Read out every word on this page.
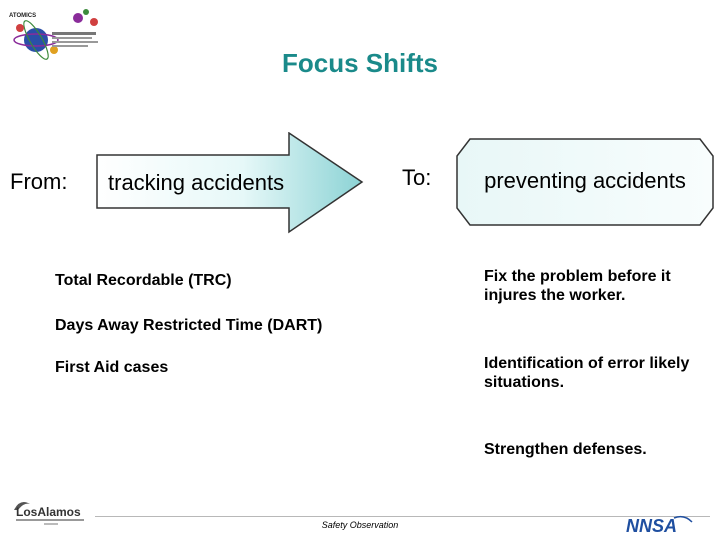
ATOMICS
Focus Shifts
From: tracking accidents	To:	preventing accidents
Total Recordable (TRC)
Days Away Restricted Time (DART)
First Aid cases
Fix the problem before it injures the worker.
Identification of error likely situations.
Strengthen defenses.
Safety Observation
LosAlamos
NNSA
